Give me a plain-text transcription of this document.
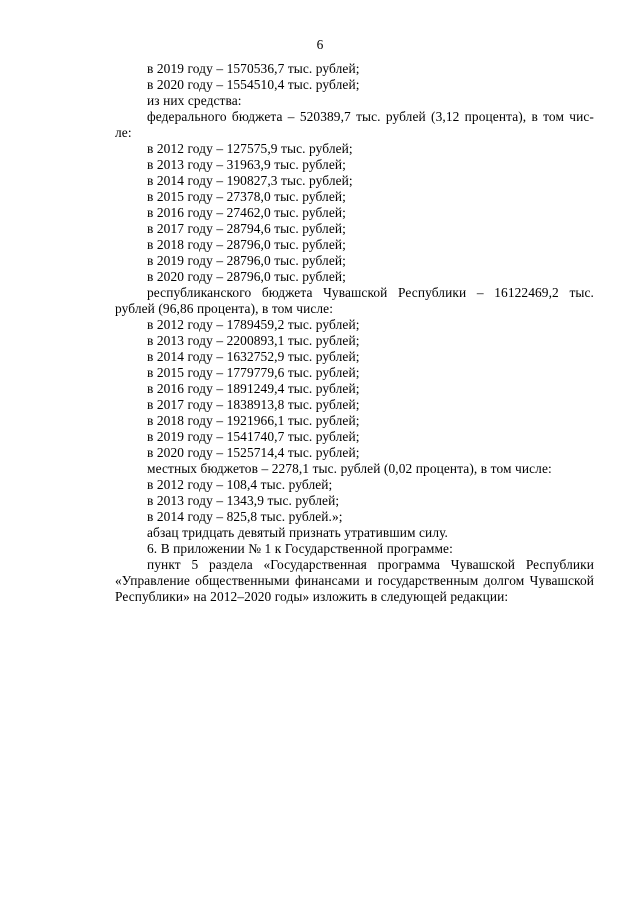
6
в 2019 году – 1570536,7 тыс. рублей;
в 2020 году – 1554510,4 тыс. рублей;
из них средства:
федерального бюджета – 520389,7 тыс. рублей (3,12 процента), в том чис-
ле:
в 2012 году – 127575,9 тыс. рублей;
в 2013 году – 31963,9 тыс. рублей;
в 2014 году – 190827,3 тыс. рублей;
в 2015 году – 27378,0 тыс. рублей;
в 2016 году – 27462,0 тыс. рублей;
в 2017 году – 28794,6 тыс. рублей;
в 2018 году – 28796,0 тыс. рублей;
в 2019 году – 28796,0 тыс. рублей;
в 2020 году – 28796,0 тыс. рублей;
республиканского бюджета Чувашской Республики – 16122469,2 тыс.
рублей (96,86 процента), в том числе:
в 2012 году – 1789459,2 тыс. рублей;
в 2013 году – 2200893,1 тыс. рублей;
в 2014 году – 1632752,9 тыс. рублей;
в 2015 году – 1779779,6 тыс. рублей;
в 2016 году – 1891249,4 тыс. рублей;
в 2017 году – 1838913,8 тыс. рублей;
в 2018 году – 1921966,1 тыс. рублей;
в 2019 году – 1541740,7 тыс. рублей;
в 2020 году – 1525714,4 тыс. рублей;
местных бюджетов – 2278,1 тыс. рублей (0,02 процента), в том числе:
в 2012 году – 108,4 тыс. рублей;
в 2013 году – 1343,9 тыс. рублей;
в 2014 году – 825,8 тыс. рублей.»;
абзац тридцать девятый признать утратившим силу.
6. В приложении № 1 к Государственной программе:
пункт 5 раздела «Государственная программа Чувашской Республики
«Управление общественными финансами и государственным долгом Чувашской
Республики» на 2012–2020 годы» изложить в следующей редакции:
